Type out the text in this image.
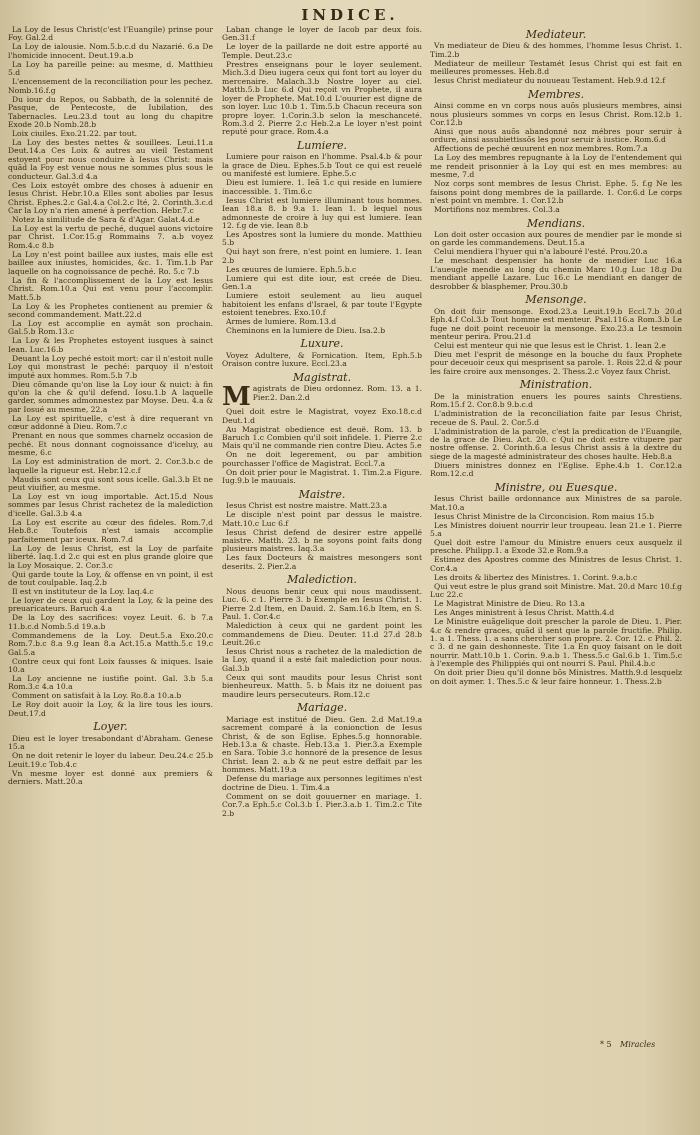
INDICE.
La Loy de Iesus Christ(c'est l'Euangile) prinse pour Foy. Gal.2.d
La Loy de ialousie. Nom.5.b.c.d du Nazarié. 6.a De l'homicide innocent. Deut.19.a.b
La Loy ha pareille peine: au mesme, d. Matthieu 5.d
L'encensement de la reconciliation pour les pechez. Nomb.16.f.g
Du iour du Repos, ou Sabbath, de la solennité de Pasque, de Pentecoste, de Iubilation, des Tabernacles. Leu.23.d tout au long du chapitre Exode 20.b Nomb.28.b
Loix ciuiles. Exo.21.22. par tout.
La Loy des bestes nettes & souillees. Leui.11.a Deut.14.a Ces Loix & autres au vieil Testament estoyent pour nous conduire à Iesus Christ: mais quãd la Foy est venue nous ne sommes plus sous le conducteur. Gal.3.d 4.a
Ces Loix estoyêt ombre des choses à aduenir en Iesus Christ. Hebr.10.a Elles sont abolies par Iesus Christ. Ephes.2.c Gal.4.a Col.2.c Ité, 2. Corinth.3.c.d Car la Loy n'a rien amené à perfection. Hebr.7.c
Notez la similitude de Sara & d'Agar. Galat.4.d.e
La Loy est la vertu de peché, duquel auons victoire par Christ. 1.Cor.15.g Rommains 7. a.b voyez Rom.4.c 8.b
La Loy n'est point baillee aux iustes, mais elle est baillee aux iniustes, homicides, &c. 1. Tim.1.b Par laquelle on ha cognoissance de peché. Ro. 5.c 7.b
La fin & l'accomplissement de la Loy est Iesus Christ. Rom.10.a Qui est venu pour l'accomplir. Matt.5.b
La Loy & les Prophetes contienent au premier & second commandement. Matt.22.d
La Loy est accomplie en aymât son prochain. Gal.5.b Rom.13.c
La Loy & les Prophetes estoyent iusques à sainct Iean. Luc.16.b
Deuant la Loy peché estoit mort: car il n'estoit nulle Loy qui monstrast le peché: parquoy il n'estoit imputé aux hommes. Rom.5.b 7.b
Dieu cõmande qu'on lise la Loy iour & nuict: à fin qu'on la che & qu'il defend. Iosu.1.b A laquelle garder, sommes admonnestez par Moyse. Deu. 4.a & par Iosué au mesme, 22.a
La Loy est spirituelle, c'est à dire requerant vn cœur addonné à Dieu. Rom.7.c
Prenant en nous que sommes charnelz occasion de peché. Et nous donnant cognoissance d'iceluy, au mesme, 6.c
La Loy est administration de mort. 2. Cor.3.b.c de laquelle la rigueur est. Hebr.12.c.f
Maudis sont ceux qui sont sous icelle. Gal.3.b Et ne peut viuifier, au mesme.
La Loy est vn ioug importable. Act.15.d Nous sommes par Iesus Christ rachetez de la malediction d'icelle. Gal.3.b 4.a
La Loy est escrite au cœur des fideles. Rom.7,d Heb.8.c Toutefois n'est iamais accomplie parfaitement par iceux. Rom.7.d
La Loy de Iesus Christ, est la Loy de parfaite liberté. Iaq.1.d 2.c qui est en plus grande gloire que la Loy Mosaique. 2. Cor.3.c
Qui garde toute la Loy, & offense en vn point, il est de tout coulpable. Iaq.2.b
Il est vn instituteur de la Loy. Iaq.4.c
Le loyer de ceux qui gardent la Loy, & la peine des preuaricateurs. Baruch 4.a
De la Loy des sacrifices: voyez Leuit. 6. b 7.a 11.b.c.d Nomb.5.d 19.a.b
Commandemens de la Loy. Deut.5.a Exo.20.c Rom.7.b.c 8.a 9.g Iean 8.a Act.15.a Matth.5.c 19.c Gal.5.a
Contre ceux qui font Loix fausses & iniques. Isaie 10.a
La Loy ancienne ne iustifie point. Gal. 3.b 5.a Rom.3.c 4.a 10.a
Comment on satisfait à la Loy. Ro.8.a 10.a.b
Le Roy doit auoir la Loy, & la lire tous les iours. Deut.17.d
Loyer.
Dieu est le loyer tresabondant d'Abraham. Genese 15.a
On ne doit retenir le loyer du labeur. Deu.24.c 25.b Leuit.19.c Tob.4.c
Vn mesme loyer est donné aux premiers & derniers. Matt.20.a
Laban change le loyer de Iacob par deux fois. Gen.31.f
Le loyer de la paillarde ne doit estre apporté au Temple. Deut.23.c
Prestres enseignans pour le loyer seulement. Mich.3.d Dieu iugera ceux qui font tort au loyer du mercenaire. Malach.3.b Nostre loyer au ciel. Matth.5.b Luc 6.d Qui reçoit vn Prophete, il aura loyer de Prophete. Mat.10.d L'ouurier est digne de son loyer. Luc 10.b 1. Tim.5.b Chacun receura son propre loyer. 1.Corin.3.b selon la meschanceté. Rom.3.d 2. Pierre 2.c Heb.2.a Le loyer n'est point reputé pour grace. Rom.4.a
Lumiere.
Lumiere pour raison en l'homme. Psal.4.b & pour la grace de Dieu. Ephes.5.b Tout ce qui est reuelé ou manifesté est lumiere. Ephe.5.c
Dieu est lumiere. 1. Ieã 1.c qui reside en lumiere inaccessible. 1. Tim.6.c
Iesus Christ est lumiere illuminant tous hommes. Iean 18.a 8. b 9.a 1. Iean 1. b lequel nous admonneste de croire à luy qui est lumiere. Iean 12. f.g de vie. Iean 8.b
Les Apostres sont la lumiere du monde. Matthieu 5.b
Qui hayt son frere, n'est point en lumiere. 1. Iean 2.b
Les œuures de lumiere. Eph.5.b.c
Lumiere qui est dite iour, est creée de Dieu. Gen.1.a
Lumiere estoit seulement au lieu auquel habitoient les enfans d'Israel, & par toute l'Egypte estoient tenebres. Exo.10.f
Armes de lumiere. Rom.13.d
Cheminons en la lumiere de Dieu. Isa.2.b
Luxure.
Voyez Adultere, & Fornication. Item, Eph.5.b Oraison contre luxure. Eccl.23.a
Magistrat.
M agistrats de Dieu ordonnez. Rom. 13. a 1. Pier.2. Dan.2.d
Quel doit estre le Magistrat, voyez Exo.18.c.d Deut.1.d
Au Magistrat obedience est deuë. Rom. 13. b Baruch 1.c Combien qu'il soit infidele. 1. Pierre 2.c Mais qu'il ne commande rien contre Dieu. Actes 5.e
On ne doit legerement, ou par ambition pourchasser l'office de Magistrat. Eccl.7.a
On doit prier pour le Magistrat. 1. Tim.2.a Figure. Iug.9.b le mauuais.
Maistre.
Iesus Christ est nostre maistre. Matt.23.a
Le disciple n'est point par dessus le maistre. Matt.10.c Luc 6.f
Iesus Christ defend de desirer estre appellé maistre. Matth. 23. b ne soyons point faits dong plusieurs maistres. Iaq.3.a
Les faux Docteurs & maistres mesongers sont deserits. 2. Pier.2.a
Malediction.
Nous deuons benir ceux qui nous maudissent. Luc. 6. c 1. Pierre 3. b Exemple en Iesus Christ. 1. Pierre 2.d Item, en Dauid. 2. Sam.16.b Item, en S. Paul. 1. Cor.4.c
Malediction à ceux qui ne gardent point les commandemens de Dieu. Deuter. 11.d 27.d 28.b Leuit.26.c
Iesus Christ nous a rachetez de la malediction de la Loy, quand il a esté fait malediction pour nous. Gal.3.b
Ceux qui sont maudits pour Iesus Christ sont bienheureux. Matth. 5. b Mais itz ne doiuent pas maudire leurs persecuteurs. Rom.12.c
Mariage.
Mariage est institué de Dieu. Gen. 2.d Mat.19.a sacrement comparé à la conionction de Iesus Christ, & de son Eglise. Ephes.5.g honnorable. Heb.13.a & chaste. Heb.13.a 1. Pier.3.a Exemple en Sara. Tobie 3.c honnoré de la presence de Iesus Christ. Iean 2. a.b & ne peut estre deffait par les hommes. Matt.19.a
Defense du mariage aux personnes legitimes n'est doctrine de Dieu. 1. Tim.4.a
Comment on se doit gouuerner en mariage. 1. Cor.7.a Eph.5.c Col.3.b 1. Pier.3.a.b 1. Tim.2.c Tite 2.b
Mediateur.
Vn mediateur de Dieu & des hommes, l'homme Iesus Christ. 1. Tim.2.b
Mediateur de meilleur Testamét Iesus Christ qui est fait en meilleures promesses. Heb.8.d
Iesus Christ mediateur du nouueau Testament. Heb.9.d 12.f
Membres.
Ainsi comme en vn corps nous auõs plusieurs membres, ainsi nous plusieurs sommes vn corps en Iesus Christ. Rom.12.b 1. Cor.12.b
Ainsi que nous auõs abandonné noz mébres pour seruir à ordure, ainsi assubiettissõs les pour seruir à iustice. Rom.6.d
Affections de peché œuurent en noz membres. Rom.7.a
La Loy des membres repugnante à la Loy de l'entendement qui me rendeit prisonnier à la Loy qui est en mes membres: au mesme, 7.d
Noz corps sont membres de Iesus Christ. Ephe. 5. f.g Ne les faisons point dong membres de la paillarde. 1. Cor.6.d Le corps n'est point vn membre. 1. Cor.12.b
Mortifions noz membres. Col.3.a
Mendians.
Lon doit oster occasion aux poures de mendier par le monde si on garde les commandemens. Deut.15.a
Celui mendiera l'hyuer qui n'a labouré l'esté. Prou.20.a
Le meschant despensier ha honte de mendier Luc 16.a L'aueugle mendie au long du chemin Marc 10.g Luc 18.g Du mendiant appellé Lazare. Luc 16.c Le mendiant en danger de desrobber & blasphemer. Prou.30.b
Mensonge.
On doit fuir mensonge. Exod.23.a Leuit.19.b Eccl.7.b 20.d Eph.4.f Col.3.b Tout homme est menteur. Psal.116.a Rom.3.b Le fuge ne doit point receuoir la mensonge. Exo.23.a Le tesmoin menteur perira. Prou.21.d
Celui est menteur qui nie que Iesus est le Christ. 1. Iean 2.e
Dieu met l'esprit de mésonge en la bouche du faux Prophete pour deceuoir ceux qui mesprisent sa parole. 1. Rois 22.d & pour les faire croire aux mensonges. 2. Thess.2.c Voyez faux Christ.
Ministration.
De la ministration enuers les poures saints Chrestiens. Rom.15.f 2. Cor.8.b 9.b.c.d
L'administration de la reconciliation faite par Iesus Christ, receue de S. Paul. 2. Cor.5.d
L'administration de la parole, c'est la predication de l'Euangile, de la grace de Dieu. Act. 20. c Qui ne doit estre vitupere par nostre offense. 2. Corinth.6.a Iesus Christ assis à la dextre du siege de la magesté administrateur des choses haulte. Heb.8.a
Diuers ministres donnez en l'Eglise. Ephe.4.b 1. Cor.12.a Rom.12.c.d
Ministre, ou Euesque.
Iesus Christ baille ordonnance aux Ministres de sa parole. Mat.10.a
Iesus Christ Ministre de la Circoncision. Rom maius 15.b
Les Ministres doiuent nourrir leur troupeau. Iean 21.e 1. Pierre 5.a
Quel doit estre l'amour du Ministre enuers ceux ausquelz il presche. Philipp.1. a Exode 32.e Rom.9.a
Estimez des Apostres comme des Ministres de Iesus Christ. 1. Cor.4.a
Les droits & libertez des Ministres. 1. Corint. 9.a.b.c
Qui veut estre le plus grand soit Ministre. Mat. 20.d Marc 10.f.g Luc 22.c
Le Magistrat Ministre de Dieu. Ro 13.a
Les Anges ministrent à Iesus Christ. Matth.4.d
Le Ministre euãgelique doit prescher la parole de Dieu. 1. Pier. 4.c & rendre graces, quãd il sent que la parole fructifie. Philip. 1. a 1. Thess. 1. a sans chercher son propre. 2. Cor. 12. c Phil. 2. c 3. d ne gain deshonneste. Tite 1.a En quoy faisant on le doit nourrir. Matt.10.b 1. Corin. 9.a.b 1. Thess.5.c Gal.6.b 1. Tim.5.c à l'exemple des Philippiés qui ont nourri S. Paul. Phil.4.b.c
On doit prier Dieu qu'il donne bõs Ministres. Matth.9.d lesquelz on doit aymer. 1. Thes.5.c & leur faire honneur. 1. Thess.2.b
* 5 Miracles
